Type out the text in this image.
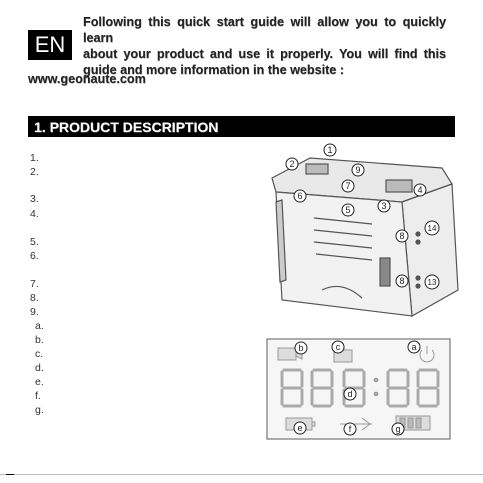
EN
Following this quick start guide will allow you to quickly learn
about your product and use it properly. You will find this
guide and more information in the website :
www.geonaute.com
1. PRODUCT DESCRIPTION
1.
2.
3.
4.
5.
6.
7.
8.
9.
a.
b.
c.
d.
e.
f.
g.
1
2
9
6
7	4
5	3
14
8
8	13
b	c	a
d
e	f	g
